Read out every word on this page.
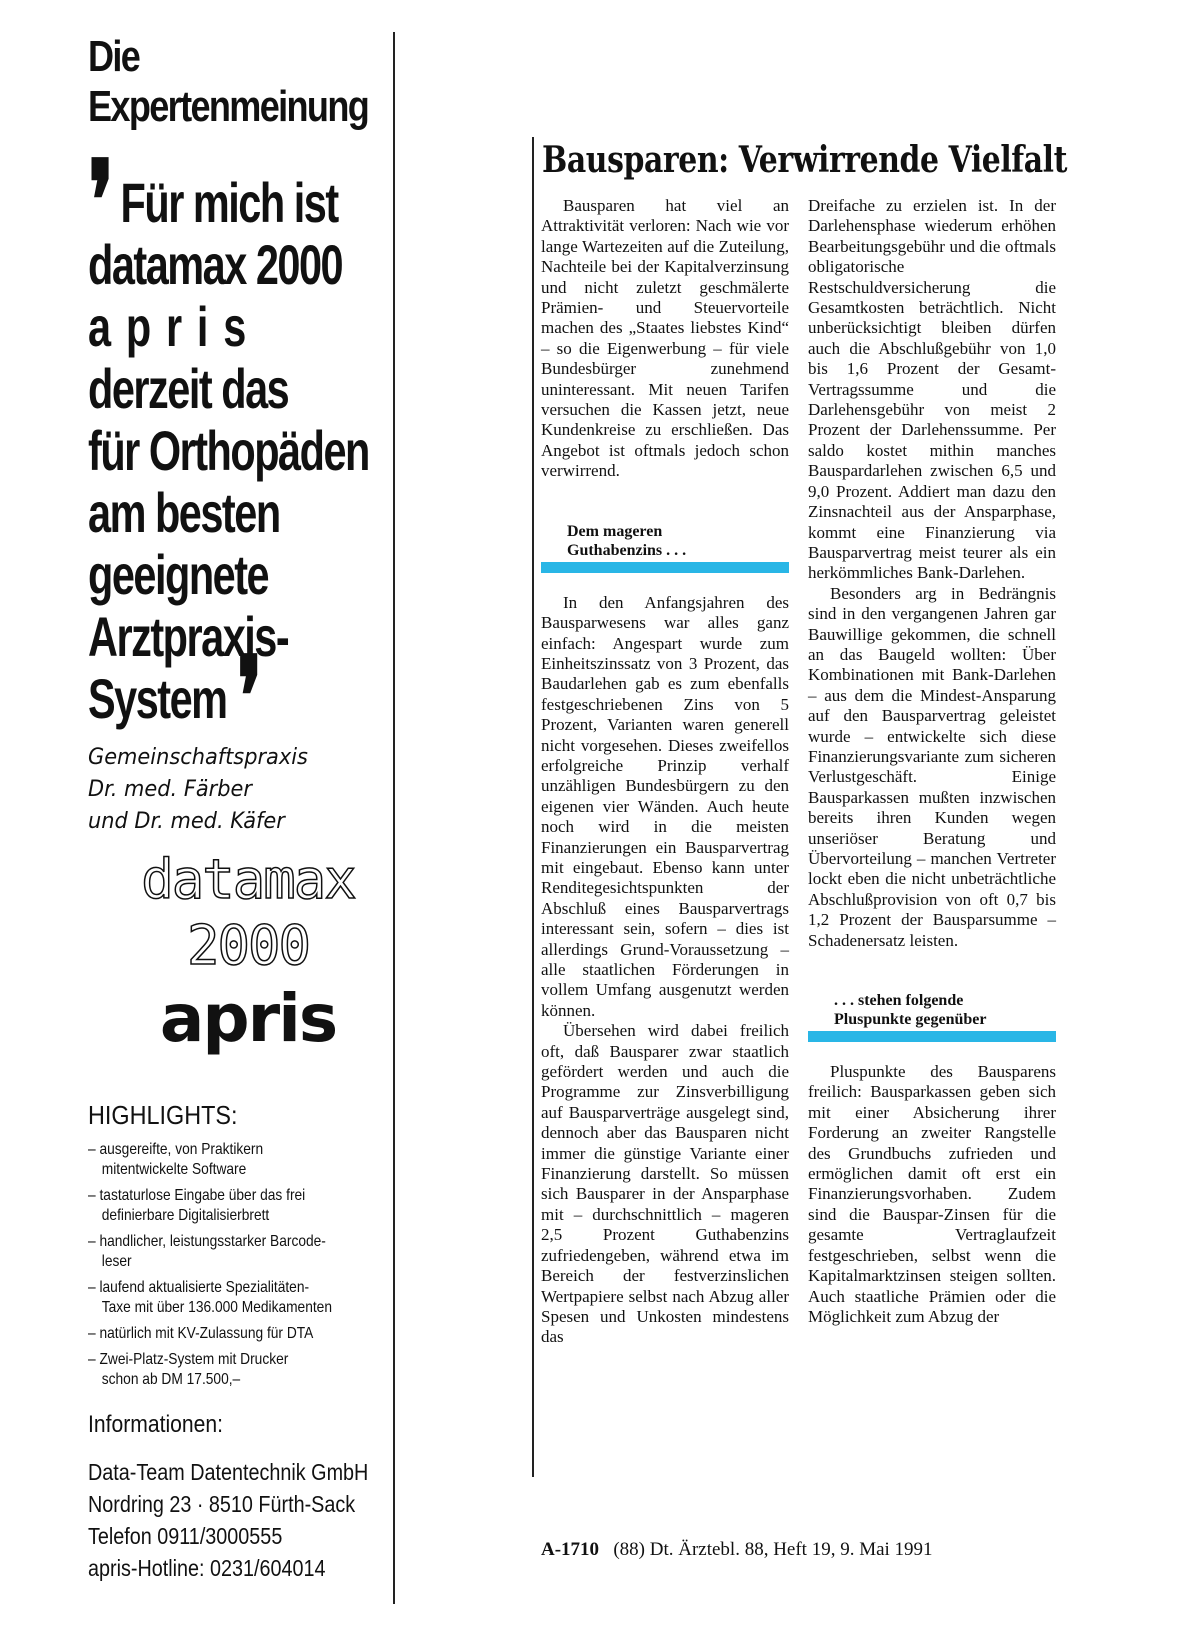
Die
Expertenmeinung
❜ Für mich ist
datamax 2000
apris
derzeit das
für Orthopäden
am besten
geeignete
Arztpraxis-
System ❜
Gemeinschaftspraxis
Dr. med. Färber
und Dr. med. Käfer
datamax
2000
apris
HIGHLIGHTS:
– ausgereifte, von Praktikern
mitentwickelte Software
– tastaturlose Eingabe über das frei
definierbare Digitalisierbrett
– handlicher, leistungsstarker Barcode-
leser
– laufend aktualisierte Spezialitäten-
Taxe mit über 136.000 Medikamenten
– natürlich mit KV-Zulassung für DTA
– Zwei-Platz-System mit Drucker
schon ab DM 17.500,–
Informationen:
Data-Team Datentechnik GmbH
Nordring 23 · 8510 Fürth-Sack
Telefon 0911/3000555
apris-Hotline: 0231/604014
Bausparen: Verwirrende Vielfalt

Bausparen hat viel an Attraktivität verloren: Nach wie vor lange Wartezeiten auf die Zuteilung, Nachteile bei der Kapitalverzinsung und nicht zuletzt geschmälerte Prämien- und Steuervorteile machen des „Staates liebstes Kind“ – so die Eigenwerbung – für viele Bundesbürger zunehmend uninteressant. Mit neuen Tarifen versuchen die Kassen jetzt, neue Kundenkreise zu erschließen. Das Angebot ist oftmals jedoch schon verwirrend.

Dem mageren
Guthabenzins . . .

In den Anfangsjahren des Bausparwesens war alles ganz einfach: Angespart wurde zum Einheitszinssatz von 3 Prozent, das Baudarlehen gab es zum ebenfalls festgeschriebenen Zins von 5 Prozent, Varianten waren generell nicht vorgesehen. Dieses zweifellos erfolgreiche Prinzip verhalf unzähligen Bundesbürgern zu den eigenen vier Wänden. Auch heute noch wird in die meisten Finanzierungen ein Bausparvertrag mit eingebaut. Ebenso kann unter Renditegesichtspunkten der Abschluß eines Bausparvertrags interessant sein, sofern – dies ist allerdings Grund-Voraussetzung – alle staatlichen Förderungen in vollem Umfang ausgenutzt werden können.

Übersehen wird dabei freilich oft, daß Bausparer zwar staatlich gefördert werden und auch die Programme zur Zinsverbilligung auf Bausparverträge ausgelegt sind, dennoch aber das Bausparen nicht immer die günstige Variante einer Finanzierung darstellt. So müssen sich Bausparer in der Ansparphase mit – durchschnittlich – mageren 2,5 Prozent Guthabenzins zufriedengeben, während etwa im Bereich der festverzinslichen Wertpapiere selbst nach Abzug aller Spesen und Unkosten mindestens das

Dreifache zu erzielen ist. In der Darlehensphase wiederum erhöhen Bearbeitungsgebühr und die oftmals obligatorische Restschuldversicherung die Gesamtkosten beträchtlich. Nicht unberücksichtigt bleiben dürfen auch die Abschlußgebühr von 1,0 bis 1,6 Prozent der Gesamt-Vertragssumme und die Darlehensgebühr von meist 2 Prozent der Darlehenssumme. Per saldo kostet mithin manches Bauspardarlehen zwischen 6,5 und 9,0 Prozent. Addiert man dazu den Zinsnachteil aus der Ansparphase, kommt eine Finanzierung via Bausparvertrag meist teurer als ein herkömmliches Bank-Darlehen.

Besonders arg in Bedrängnis sind in den vergangenen Jahren gar Bauwillige gekommen, die schnell an das Baugeld wollten: Über Kombinationen mit Bank-Darlehen – aus dem die Mindest-Ansparung auf den Bausparvertrag geleistet wurde – entwickelte sich diese Finanzierungsvariante zum sicheren Verlustgeschäft. Einige Bausparkassen mußten inzwischen bereits ihren Kunden wegen unseriöser Beratung und Übervorteilung – manchen Vertreter lockt eben die nicht unbeträchtliche Abschlußprovision von oft 0,7 bis 1,2 Prozent der Bausparsumme – Schadenersatz leisten.

. . . stehen folgende
Pluspunkte gegenüber

Pluspunkte des Bausparens freilich: Bausparkassen geben sich mit einer Absicherung ihrer Forderung an zweiter Rangstelle des Grundbuchs zufrieden und ermöglichen damit oft erst ein Finanzierungsvorhaben. Zudem sind die Bauspar-Zinsen für die gesamte Vertraglaufzeit festgeschrieben, selbst wenn die Kapitalmarktzinsen steigen sollten. Auch staatliche Prämien oder die Möglichkeit zum Abzug der

A-1710 (88) Dt. Ärztebl. 88, Heft 19, 9. Mai 1991
